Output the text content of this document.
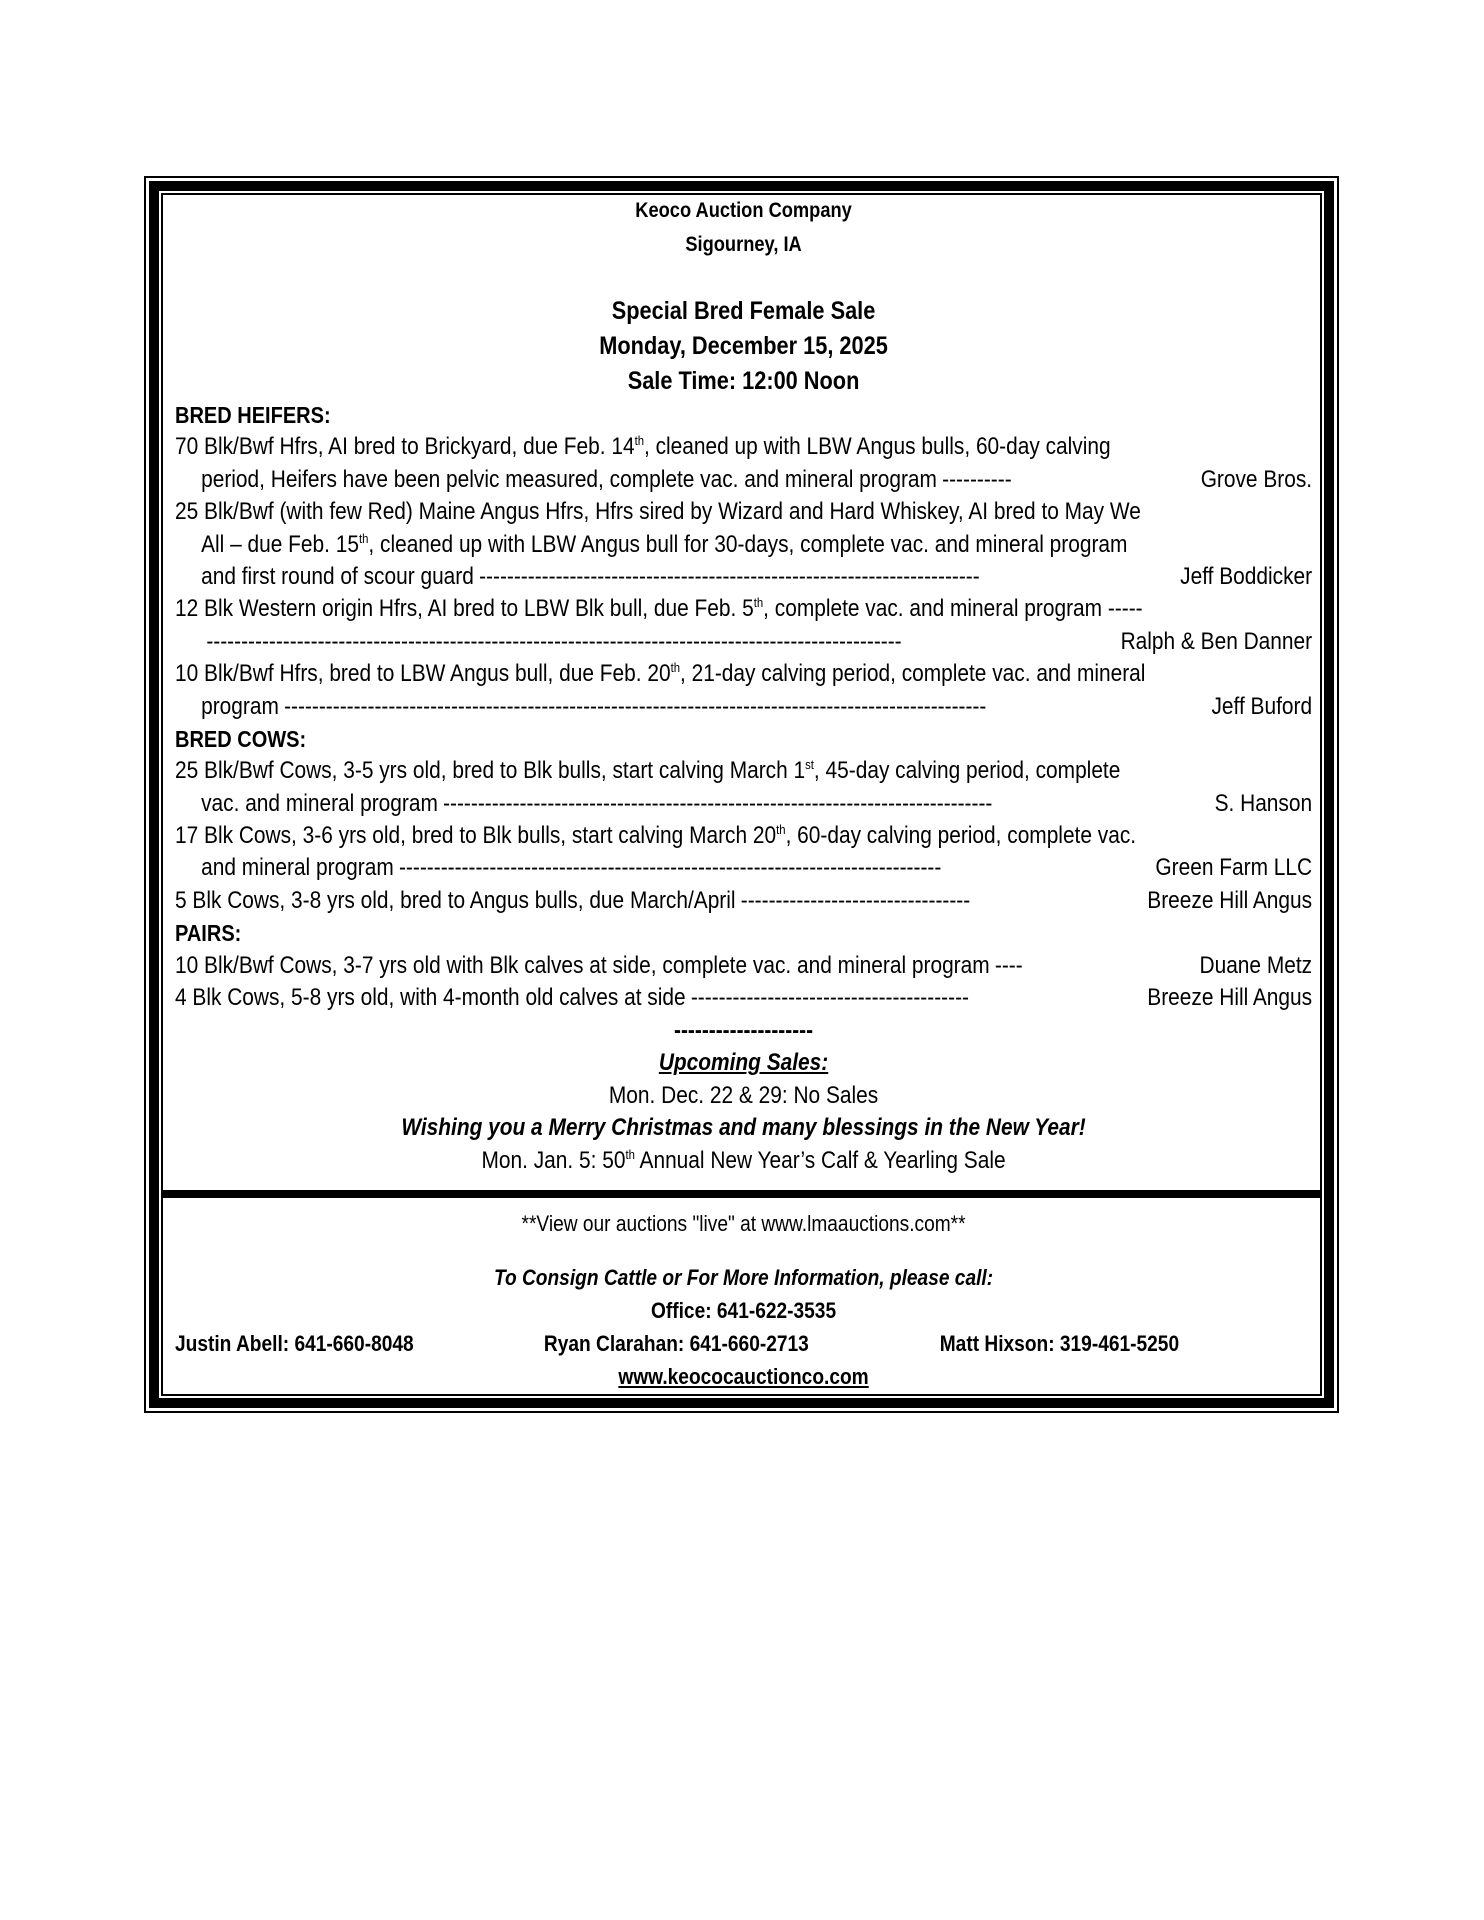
Keoco Auction Company
Sigourney, IA
Special Bred Female Sale
Monday, December 15, 2025
Sale Time: 12:00 Noon
BRED HEIFERS:
70 Blk/Bwf Hfrs, AI bred to Brickyard, due Feb. 14th, cleaned up with LBW Angus bulls, 60-day calving
period, Heifers have been pelvic measured, complete vac. and mineral program ----------	Grove Bros.
25 Blk/Bwf (with few Red) Maine Angus Hfrs, Hfrs sired by Wizard and Hard Whiskey, AI bred to May We
All – due Feb. 15th, cleaned up with LBW Angus bull for 30-days, complete vac. and mineral program
and first round of scour guard ------------------------------------------------------------------------	Jeff Boddicker
12 Blk Western origin Hfrs, AI bred to LBW Blk bull, due Feb. 5th, complete vac. and mineral program -----
----------------------------------------------------------------------------------------------------	Ralph & Ben Danner
10 Blk/Bwf Hfrs, bred to LBW Angus bull, due Feb. 20th, 21-day calving period, complete vac. and mineral
program -----------------------------------------------------------------------------------------------------	Jeff Buford
BRED COWS:
25 Blk/Bwf Cows, 3-5 yrs old, bred to Blk bulls, start calving March 1st, 45-day calving period, complete
vac. and mineral program -------------------------------------------------------------------------------	S. Hanson
17 Blk Cows, 3-6 yrs old, bred to Blk bulls, start calving March 20th, 60-day calving period, complete vac.
and mineral program ------------------------------------------------------------------------------	Green Farm LLC
5 Blk Cows, 3-8 yrs old, bred to Angus bulls, due March/April ---------------------------------	Breeze Hill Angus
PAIRS:
10 Blk/Bwf Cows, 3-7 yrs old with Blk calves at side, complete vac. and mineral program ----	Duane Metz
4 Blk Cows, 5-8 yrs old, with 4-month old calves at side ----------------------------------------	Breeze Hill Angus
--------------------
Upcoming Sales:
Mon. Dec. 22 & 29: No Sales
Wishing you a Merry Christmas and many blessings in the New Year!
Mon. Jan. 5: 50th Annual New Year’s Calf & Yearling Sale
**View our auctions "live" at www.lmaauctions.com**
To Consign Cattle or For More Information, please call:
Office: 641-622-3535
Justin Abell: 641-660-8048	Ryan Clarahan: 641-660-2713	Matt Hixson: 319-461-5250
www.keococauctionco.com
